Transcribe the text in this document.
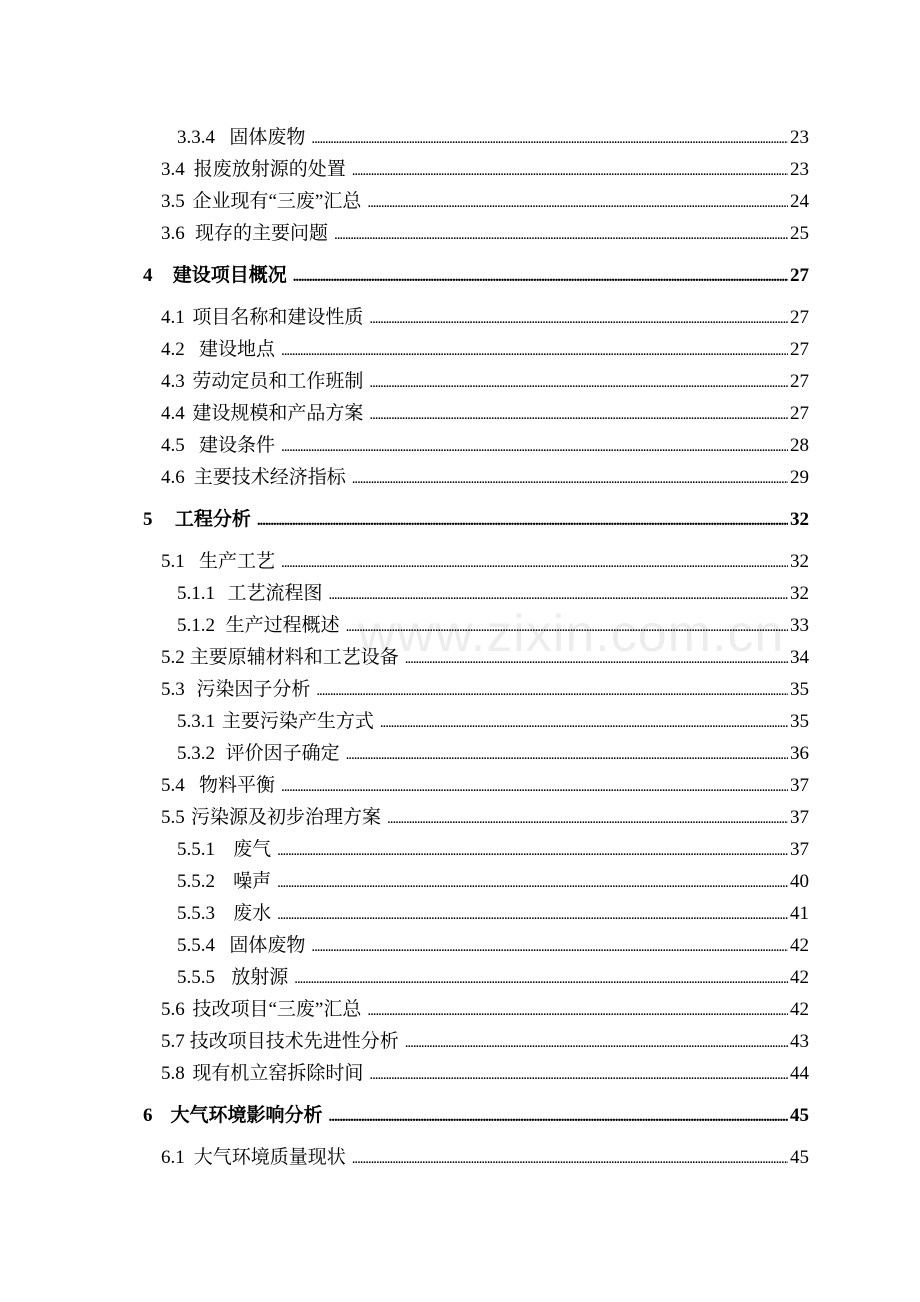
3.3.4 固体废物 . . .	23
3.4 报废放射源的处置 . . .	23
3.5 企业现有“三废”汇总 . . .	24
3.6 现存的主要问题 . . .	25
4	建设项目概况 . . .	27
4.1 项目名称和建设性质 . . .	27
4.2 建设地点 . . .	27
4.3 劳动定员和工作班制 . . .	27
4.4 建设规模和产品方案 . . .	27
4.5 建设条件 . . .	28
4.6 主要技术经济指标 . . .	29
5	工程分析 . . .	32
5.1 生产工艺 . . .	32
5.1.1 工艺流程图 . . .	32
5.1.2 生产过程概述 . . .	33
5.2 主要原辅材料和工艺设备 . . .	34
5.3 污染因子分析 . . .	35
5.3.1 主要污染产生方式 . . .	35
5.3.2 评价因子确定 . . .	36
5.4 物料平衡 . . .	37
5.5 污染源及初步治理方案 . . .	37
5.5.1 废气 . . .	37
5.5.2 噪声 . . .	40
5.5.3 废水 . . .	41
5.5.4 固体废物 . . .	42
5.5.5 放射源 . . .	42
5.6 技改项目“三废”汇总 . . .	42
5.7 技改项目技术先进性分析 . . .	43
5.8 现有机立窑拆除时间 . . .	44
6 大气环境影响分析 . . .	45
6.1 大气环境质量现状 . . .	45
www.zixin.com.cn
